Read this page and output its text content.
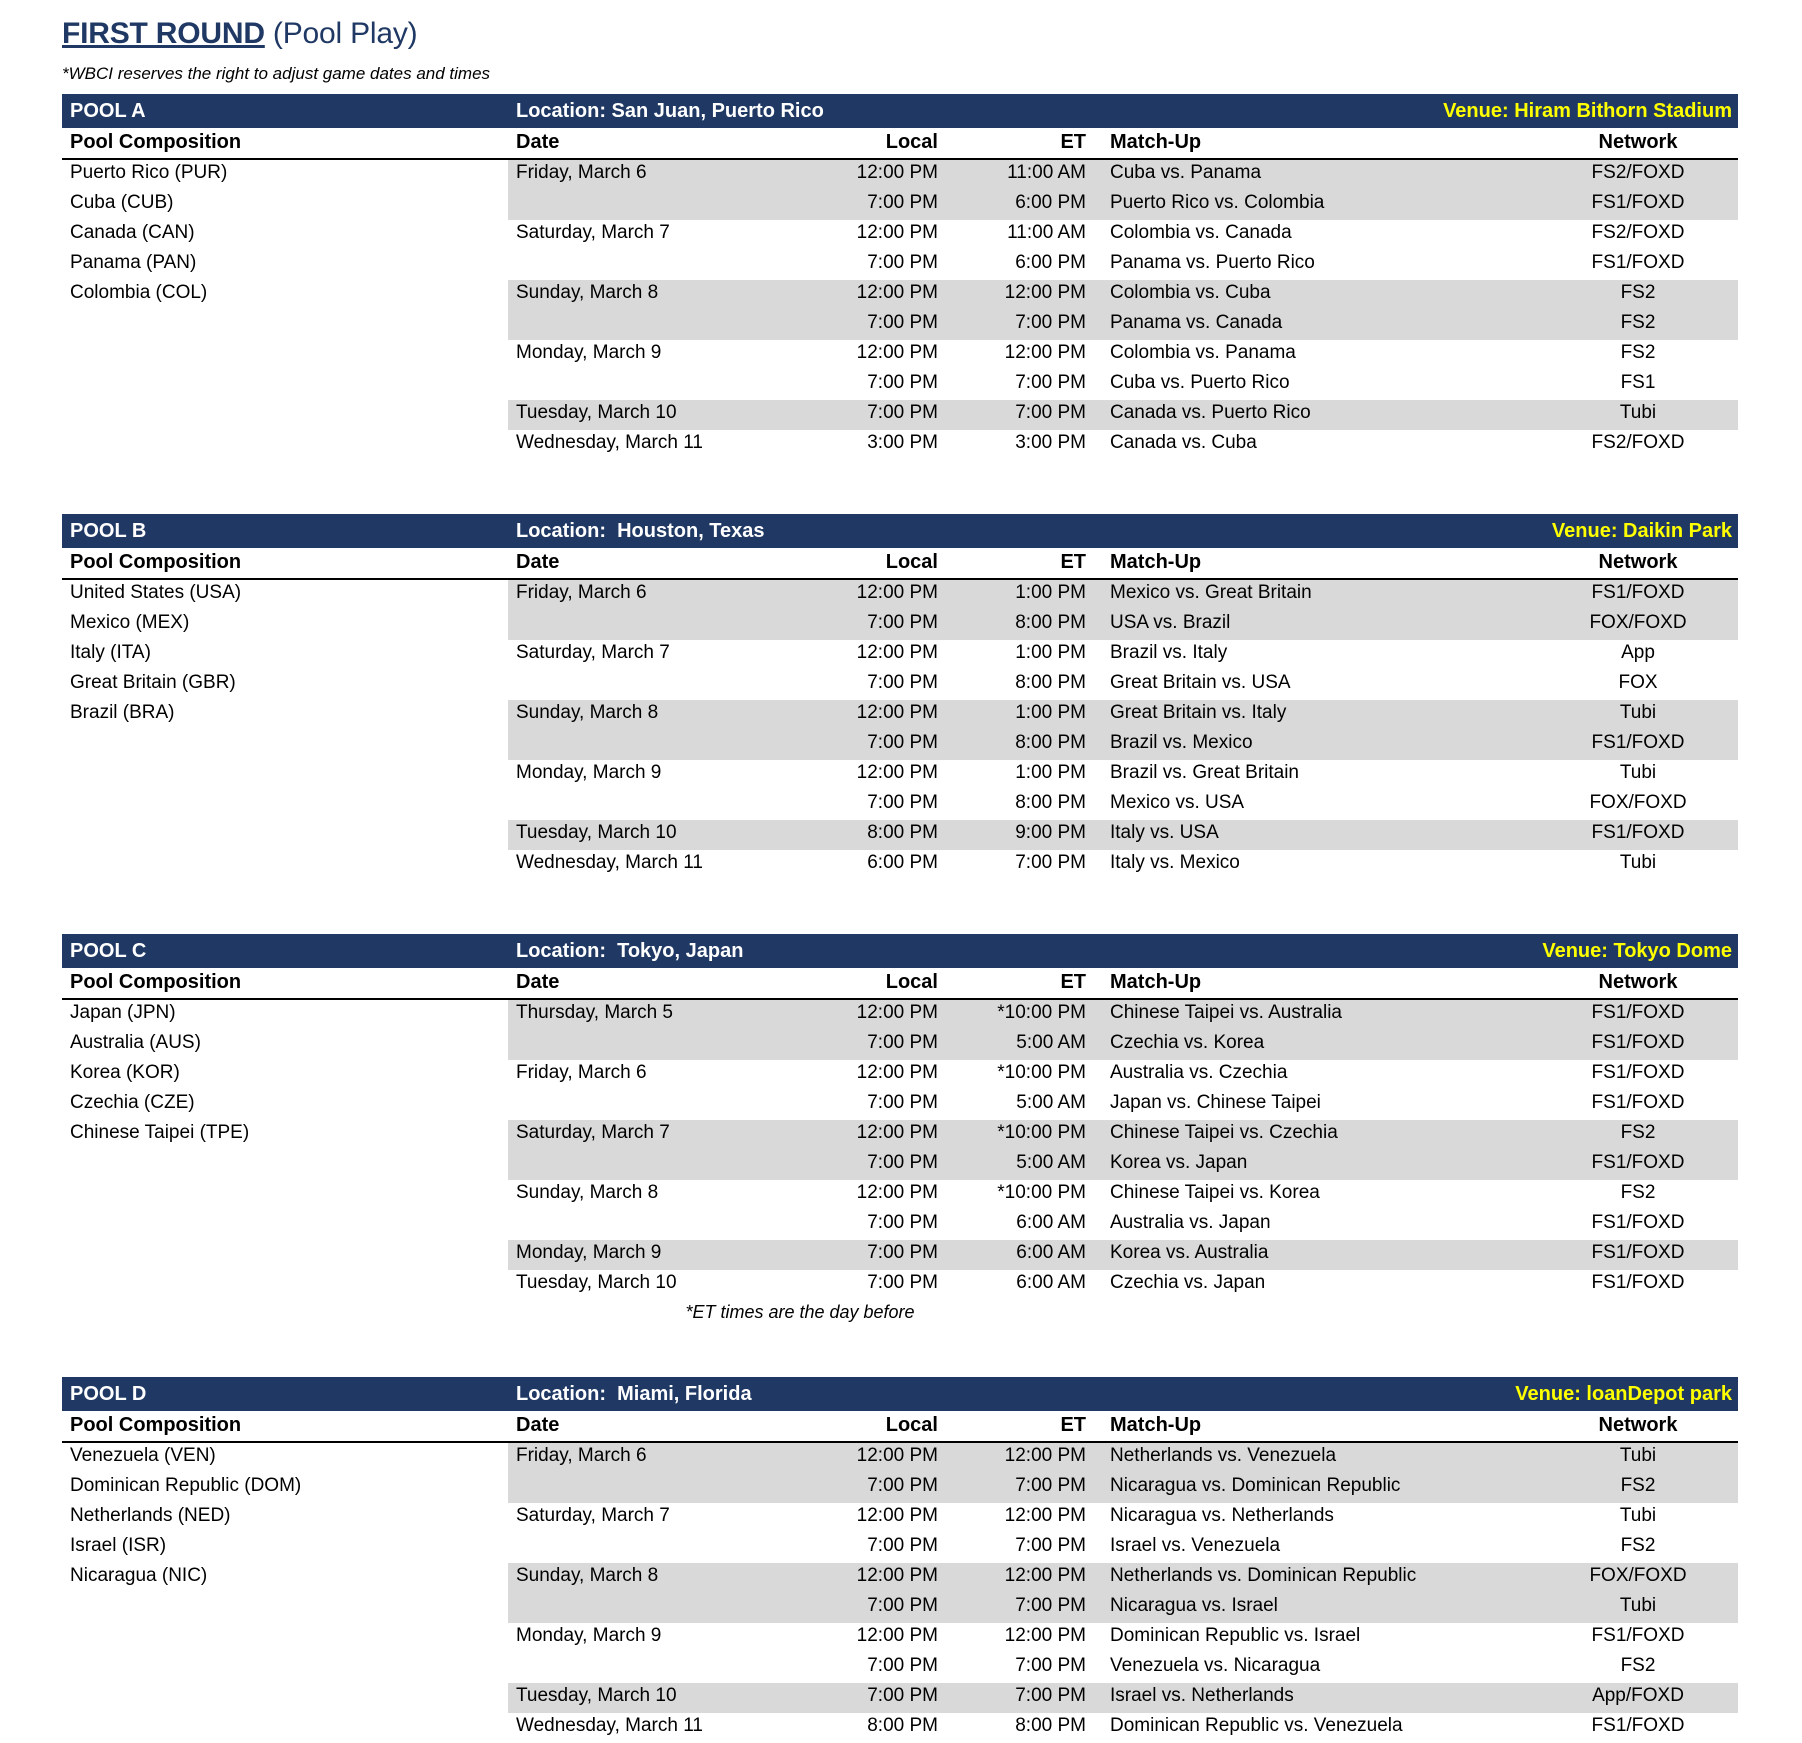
FIRST ROUND (Pool Play)
*WBCI reserves the right to adjust game dates and times
POOL A	Location: San Juan, Puerto Rico	Venue: Hiram Bithorn Stadium
Pool Composition	Date	Local	ET	Match-Up	Network
Puerto Rico (PUR)	Friday, March 6	12:00 PM	11:00 AM	Cuba vs. Panama	FS2/FOXD
Cuba (CUB)		7:00 PM	6:00 PM	Puerto Rico vs. Colombia	FS1/FOXD
Canada (CAN)	Saturday, March 7	12:00 PM	11:00 AM	Colombia vs. Canada	FS2/FOXD
Panama (PAN)		7:00 PM	6:00 PM	Panama vs. Puerto Rico	FS1/FOXD
Colombia (COL)	Sunday, March 8	12:00 PM	12:00 PM	Colombia vs. Cuba	FS2
		7:00 PM	7:00 PM	Panama vs. Canada	FS2
	Monday, March 9	12:00 PM	12:00 PM	Colombia vs. Panama	FS2
		7:00 PM	7:00 PM	Cuba vs. Puerto Rico	FS1
	Tuesday, March 10	7:00 PM	7:00 PM	Canada vs. Puerto Rico	Tubi
	Wednesday, March 11	3:00 PM	3:00 PM	Canada vs. Cuba	FS2/FOXD
POOL B	Location:  Houston, Texas	Venue: Daikin Park
Pool Composition	Date	Local	ET	Match-Up	Network
United States (USA)	Friday, March 6	12:00 PM	1:00 PM	Mexico vs. Great Britain	FS1/FOXD
Mexico (MEX)		7:00 PM	8:00 PM	USA vs. Brazil	FOX/FOXD
Italy (ITA)	Saturday, March 7	12:00 PM	1:00 PM	Brazil vs. Italy	App
Great Britain (GBR)		7:00 PM	8:00 PM	Great Britain vs. USA	FOX
Brazil (BRA)	Sunday, March 8	12:00 PM	1:00 PM	Great Britain vs. Italy	Tubi
		7:00 PM	8:00 PM	Brazil vs. Mexico	FS1/FOXD
	Monday, March 9	12:00 PM	1:00 PM	Brazil vs. Great Britain	Tubi
		7:00 PM	8:00 PM	Mexico vs. USA	FOX/FOXD
	Tuesday, March 10	8:00 PM	9:00 PM	Italy vs. USA	FS1/FOXD
	Wednesday, March 11	6:00 PM	7:00 PM	Italy vs. Mexico	Tubi
POOL C	Location:  Tokyo, Japan	Venue: Tokyo Dome
Pool Composition	Date	Local	ET	Match-Up	Network
Japan (JPN)	Thursday, March 5	12:00 PM	*10:00 PM	Chinese Taipei vs. Australia	FS1/FOXD
Australia (AUS)		7:00 PM	5:00 AM	Czechia vs. Korea	FS1/FOXD
Korea (KOR)	Friday, March 6	12:00 PM	*10:00 PM	Australia vs. Czechia	FS1/FOXD
Czechia (CZE)		7:00 PM	5:00 AM	Japan vs. Chinese Taipei	FS1/FOXD
Chinese Taipei (TPE)	Saturday, March 7	12:00 PM	*10:00 PM	Chinese Taipei vs. Czechia	FS2
		7:00 PM	5:00 AM	Korea vs. Japan	FS1/FOXD
	Sunday, March 8	12:00 PM	*10:00 PM	Chinese Taipei vs. Korea	FS2
		7:00 PM	6:00 AM	Australia vs. Japan	FS1/FOXD
	Monday, March 9	7:00 PM	6:00 AM	Korea vs. Australia	FS1/FOXD
	Tuesday, March 10	7:00 PM	6:00 AM	Czechia vs. Japan	FS1/FOXD
*ET times are the day before
POOL D	Location:  Miami, Florida	Venue: loanDepot park
Pool Composition	Date	Local	ET	Match-Up	Network
Venezuela (VEN)	Friday, March 6	12:00 PM	12:00 PM	Netherlands vs. Venezuela	Tubi
Dominican Republic (DOM)		7:00 PM	7:00 PM	Nicaragua vs. Dominican Republic	FS2
Netherlands (NED)	Saturday, March 7	12:00 PM	12:00 PM	Nicaragua vs. Netherlands	Tubi
Israel (ISR)		7:00 PM	7:00 PM	Israel vs. Venezuela	FS2
Nicaragua (NIC)	Sunday, March 8	12:00 PM	12:00 PM	Netherlands vs. Dominican Republic	FOX/FOXD
		7:00 PM	7:00 PM	Nicaragua vs. Israel	Tubi
	Monday, March 9	12:00 PM	12:00 PM	Dominican Republic vs. Israel	FS1/FOXD
		7:00 PM	7:00 PM	Venezuela vs. Nicaragua	FS2
	Tuesday, March 10	7:00 PM	7:00 PM	Israel vs. Netherlands	App/FOXD
	Wednesday, March 11	8:00 PM	8:00 PM	Dominican Republic vs. Venezuela	FS1/FOXD
